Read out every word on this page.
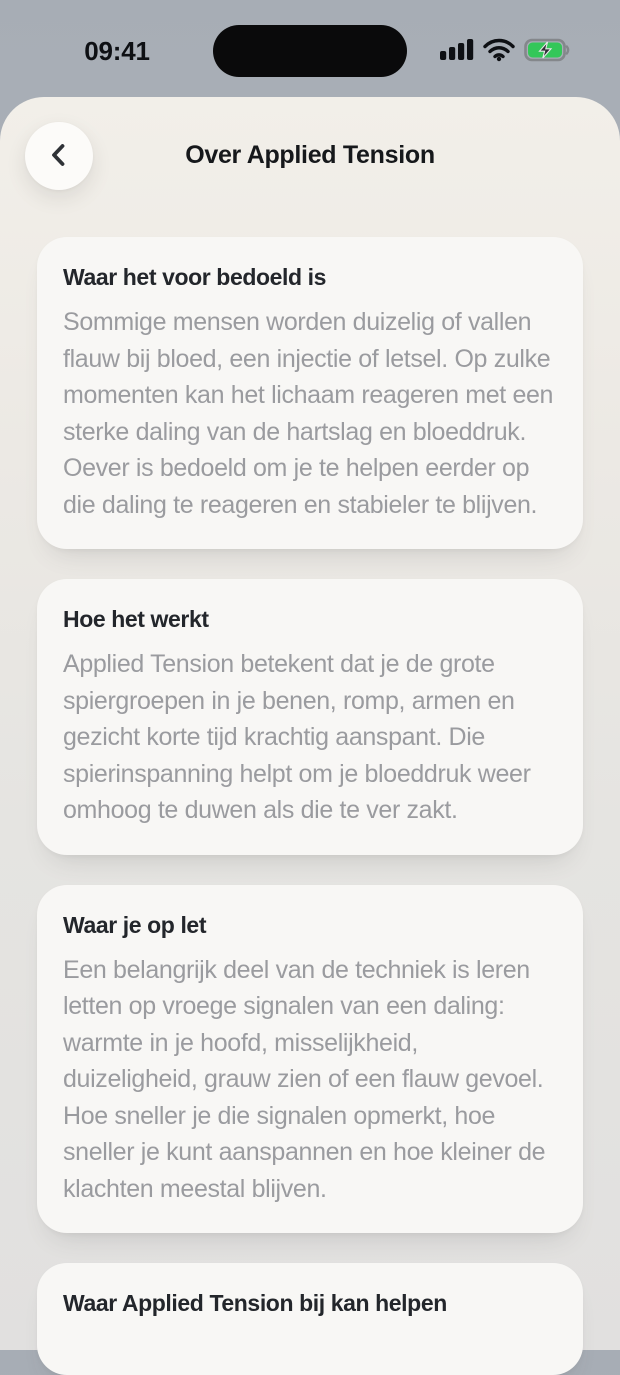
09:41
Over Applied Tension
Waar het voor bedoeld is

Sommige mensen worden duizelig of vallen flauw bij bloed, een injectie of letsel. Op zulke momenten kan het lichaam reageren met een sterke daling van de hartslag en bloeddruk. Oever is bedoeld om je te helpen eerder op die daling te reageren en stabieler te blijven.

Hoe het werkt

Applied Tension betekent dat je de grote spiergroepen in je benen, romp, armen en gezicht korte tijd krachtig aanspant. Die spierinspanning helpt om je bloeddruk weer omhoog te duwen als die te ver zakt.

Waar je op let

Een belangrijk deel van de techniek is leren letten op vroege signalen van een daling: warmte in je hoofd, misselijkheid, duizeligheid, grauw zien of een flauw gevoel. Hoe sneller je die signalen opmerkt, hoe sneller je kunt aanspannen en hoe kleiner de klachten meestal blijven.

Waar Applied Tension bij kan helpen
